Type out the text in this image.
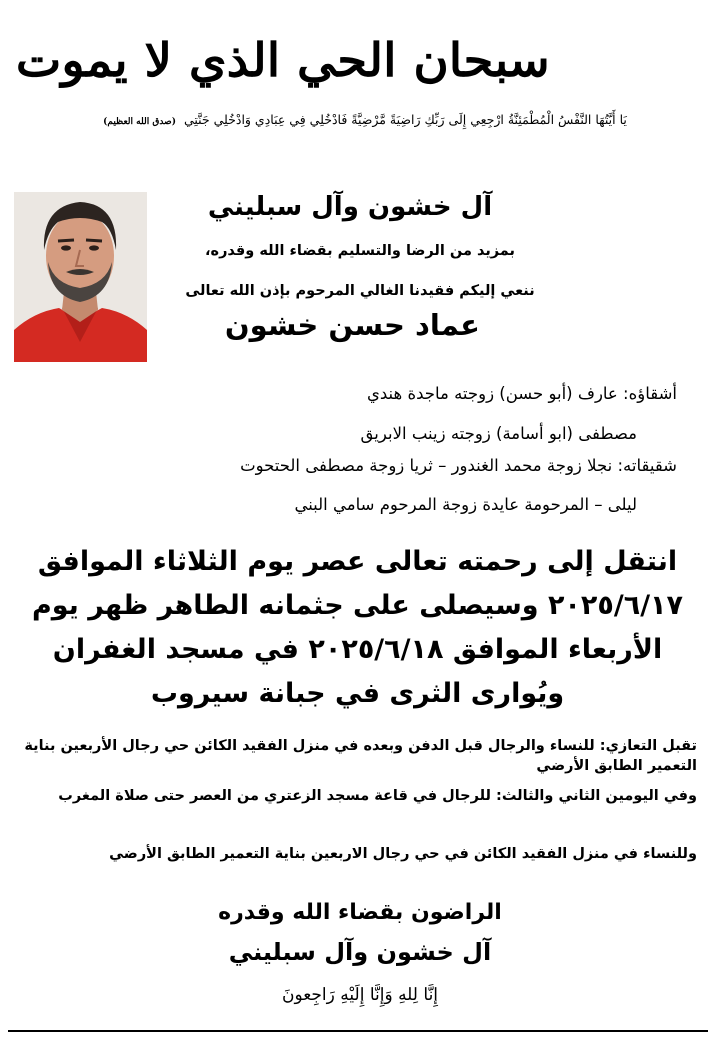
سبحان الحي الذي لا يموت
يَا أَيَّتُهَا النَّفْسُ الْمُطْمَئِنَّةُ ارْجِعِي إِلَى رَبِّكِ رَاضِيَةً مَّرْضِيَّةً فَادْخُلِي فِي عِبَادِي وَادْخُلِي جَنَّتِي (صدق الله العظيم)
آل خشون وآل سبليني
بمزيد من الرضا والتسليم بقضاء الله وقدره،
ننعي إليكم فقيدنا الغالي المرحوم بإذن الله تعالى
عماد حسن خشون
أشقاؤه: عارف (أبو حسن) زوجته ماجدة هندي
مصطفى (ابو أسامة) زوجته زينب الابريق
شقيقاته: نجلا زوجة محمد الغندور – ثريا زوجة مصطفى الحتحوت
ليلى – المرحومة عايدة زوجة المرحوم سامي البني
انتقل إلى رحمته تعالى عصر يوم الثلاثاء الموافق
٢٠٢٥/٦/١٧ وسيصلى على جثمانه الطاهر ظهر يوم
الأربعاء الموافق ٢٠٢٥/٦/١٨ في مسجد الغفران
ويُوارى الثرى في جبانة سيروب
تقبل التعازي: للنساء والرجال قبل الدفن وبعده في منزل الفقيد الكائن حي رجال الأربعين بناية التعمير الطابق الأرضي
وفي اليومين الثاني والثالث: للرجال في قاعة مسجد الزعتري من العصر حتى صلاة المغرب
وللنساء في منزل الفقيد الكائن في حي رجال الاربعين بناية التعمير الطابق الأرضي
الراضون بقضاء الله وقدره
آل خشون وآل سبليني
إِنَّا لِلهِ وَإِنَّا إِلَيْهِ رَاجِعونَ
